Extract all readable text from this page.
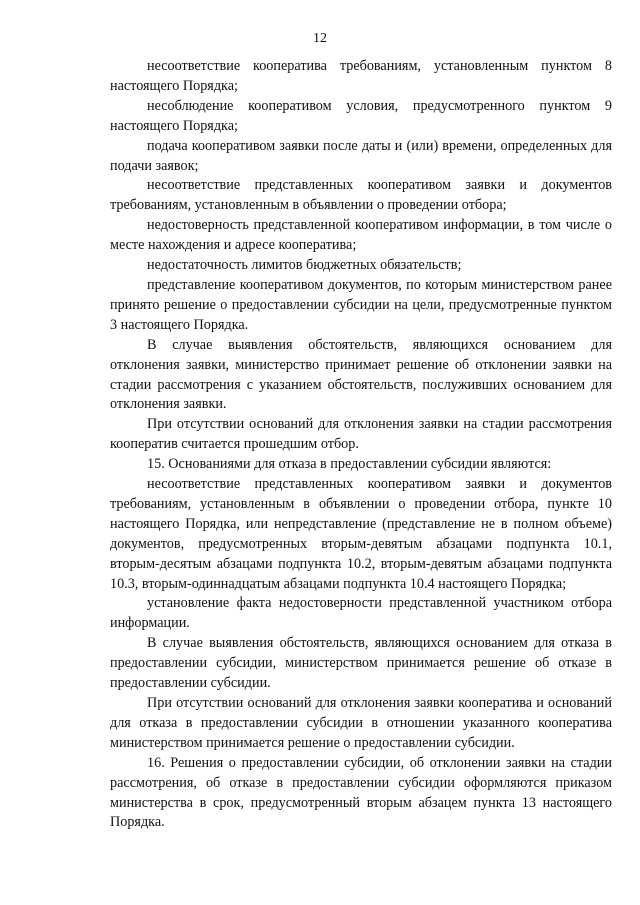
12

несоответствие кооператива требованиям, установленным пунктом 8 настоящего Порядка;

несоблюдение кооперативом условия, предусмотренного пунктом 9 настоящего Порядка;

подача кооперативом заявки после даты и (или) времени, определенных для подачи заявок;

несоответствие представленных кооперативом заявки и документов требованиям, установленным в объявлении о проведении отбора;

недостоверность представленной кооперативом информации, в том числе о месте нахождения и адресе кооператива;

недостаточность лимитов бюджетных обязательств;

представление кооперативом документов, по которым министерством ранее принято решение о предоставлении субсидии на цели, предусмотренные пунктом 3 настоящего Порядка.

В случае выявления обстоятельств, являющихся основанием для отклонения заявки, министерство принимает решение об отклонении заявки на стадии рассмотрения с указанием обстоятельств, послуживших основанием для отклонения заявки.

При отсутствии оснований для отклонения заявки на стадии рассмотрения кооператив считается прошедшим отбор.

15. Основаниями для отказа в предоставлении субсидии являются:

несоответствие представленных кооперативом заявки и документов требованиям, установленным в объявлении о проведении отбора, пункте 10 настоящего Порядка, или непредставление (представление не в полном объеме) документов, предусмотренных вторым-девятым абзацами подпункта 10.1, вторым-десятым абзацами подпункта 10.2, вторым-девятым абзацами подпункта 10.3, вторым-одиннадцатым абзацами подпункта 10.4 настоящего Порядка;

установление факта недостоверности представленной участником отбора информации.

В случае выявления обстоятельств, являющихся основанием для отказа в предоставлении субсидии, министерством принимается решение об отказе в предоставлении субсидии.

При отсутствии оснований для отклонения заявки кооператива и оснований для отказа в предоставлении субсидии в отношении указанного кооператива министерством принимается решение о предоставлении субсидии.

16. Решения о предоставлении субсидии, об отклонении заявки на стадии рассмотрения, об отказе в предоставлении субсидии оформляются приказом министерства в срок, предусмотренный вторым абзацем пункта 13 настоящего Порядка.
